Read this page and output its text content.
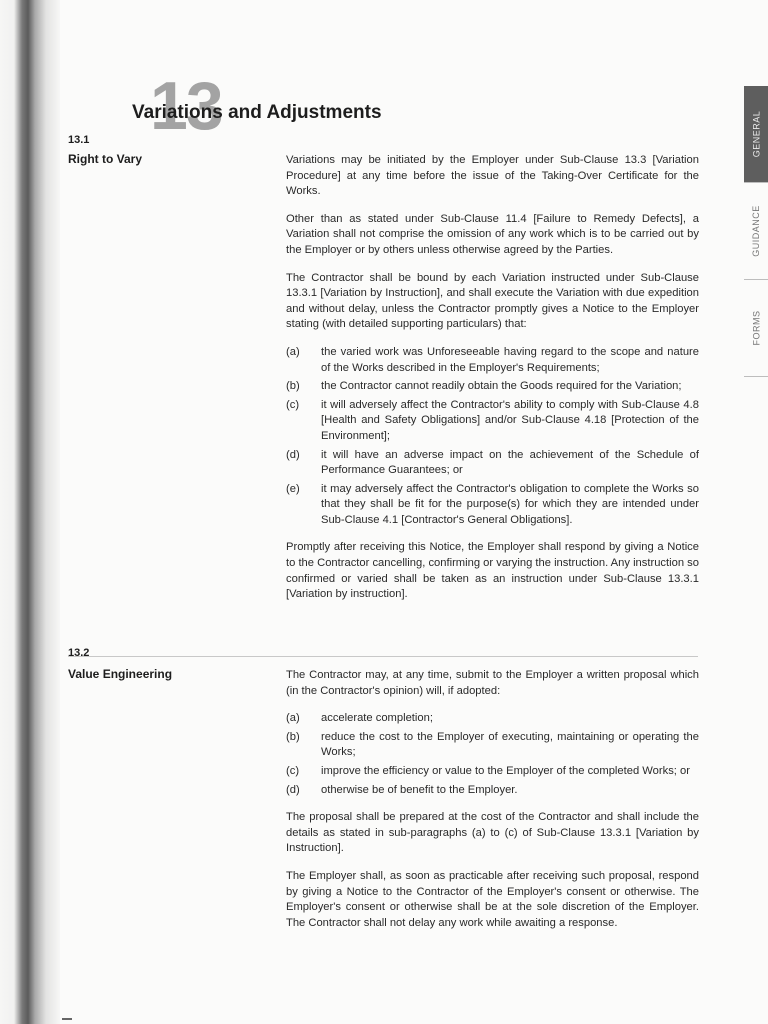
13
Variations and Adjustments	GENERAL
GUIDANCE
FORMS
13.1
Right to Vary	Variations may be initiated by the Employer under Sub-Clause 13.3 [Variation Procedure] at any time before the issue of the Taking-Over Certificate for the Works.

Other than as stated under Sub-Clause 11.4 [Failure to Remedy Defects], a Variation shall not comprise the omission of any work which is to be carried out by the Employer or by others unless otherwise agreed by the Parties.

The Contractor shall be bound by each Variation instructed under Sub-Clause 13.3.1 [Variation by Instruction], and shall execute the Variation with due expedition and without delay, unless the Contractor promptly gives a Notice to the Employer stating (with detailed supporting particulars) that:

(a)	the varied work was Unforeseeable having regard to the scope and nature of the Works described in the Employer's Requirements;
(b)	the Contractor cannot readily obtain the Goods required for the Variation;
(c)	it will adversely affect the Contractor's ability to comply with Sub-Clause 4.8 [Health and Safety Obligations] and/or Sub-Clause 4.18 [Protection of the Environment];
(d)	it will have an adverse impact on the achievement of the Schedule of Performance Guarantees; or
(e)	it may adversely affect the Contractor's obligation to complete the Works so that they shall be fit for the purpose(s) for which they are intended under Sub-Clause 4.1 [Contractor's General Obligations].

Promptly after receiving this Notice, the Employer shall respond by giving a Notice to the Contractor cancelling, confirming or varying the instruction. Any instruction so confirmed or varied shall be taken as an instruction under Sub-Clause 13.3.1 [Variation by instruction].

13.2
Value Engineering	The Contractor may, at any time, submit to the Employer a written proposal which (in the Contractor's opinion) will, if adopted:

(a)	accelerate completion;
(b)	reduce the cost to the Employer of executing, maintaining or operating the Works;
(c)	improve the efficiency or value to the Employer of the completed Works; or
(d)	otherwise be of benefit to the Employer.

The proposal shall be prepared at the cost of the Contractor and shall include the details as stated in sub-paragraphs (a) to (c) of Sub-Clause 13.3.1 [Variation by Instruction].

The Employer shall, as soon as practicable after receiving such proposal, respond by giving a Notice to the Contractor of the Employer's consent or otherwise. The Employer's consent or otherwise shall be at the sole discretion of the Employer. The Contractor shall not delay any work while awaiting a response.
